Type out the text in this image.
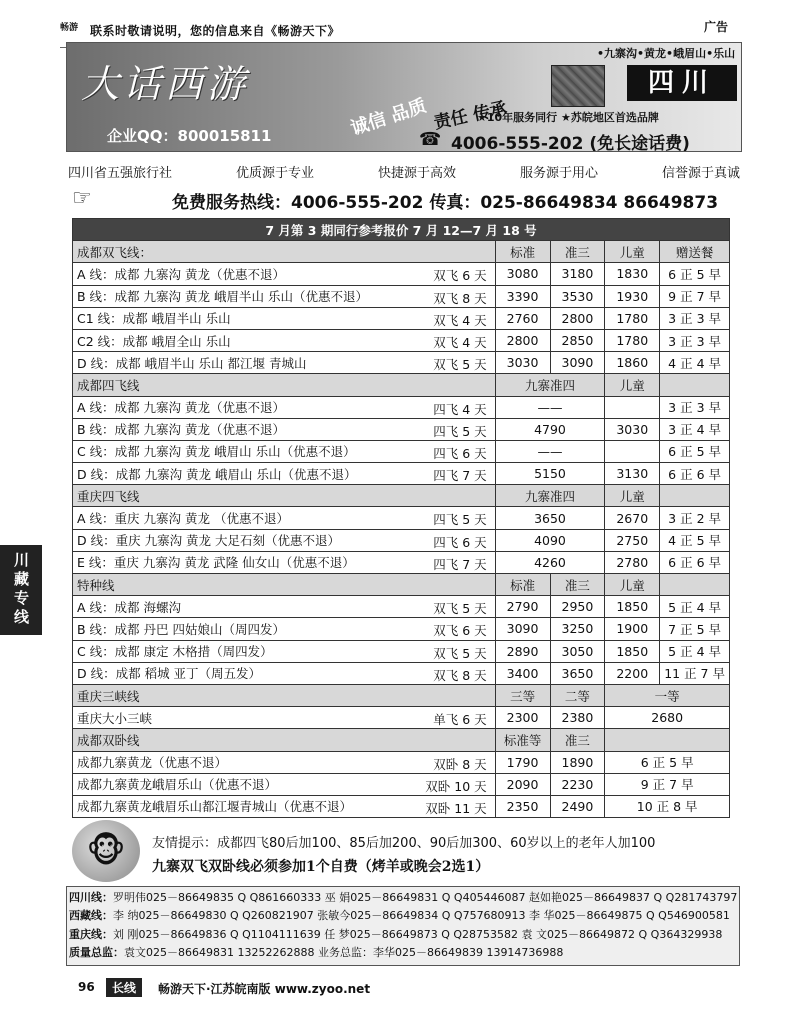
畅游 联系时敬请说明，您的信息来自《畅游天下》	广告
大话西游
企业QQ：800015811	诚信 品质 责任 传承
•九寨沟•黄龙•峨眉山•乐山
四川
★10年服务同行 ★苏皖地区首选品牌
☎ 4006-555-202 (免长途话费)
四川省五强旅行社	优质源于专业	快捷源于高效	服务源于用心	信誉源于真诚
☞	免费服务热线：4006-555-202 传真：025-86649834 86649873
7 月第 3 期同行参考报价 7 月 12—7 月 18 号				
成都双飞线：	标准	准三	儿童	赠送餐
A 线：成都 九寨沟 黄龙（优惠不退） 双飞 6 天	3080	3180	1830	6 正 5 早
B 线：成都 九寨沟 黄龙 峨眉半山 乐山（优惠不退） 双飞 8 天	3390	3530	1930	9 正 7 早
C1 线：成都 峨眉半山 乐山 双飞 4 天	2760	2800	1780	3 正 3 早
C2 线：成都 峨眉全山 乐山 双飞 4 天	2800	2850	1780	3 正 3 早
D 线：成都 峨眉半山 乐山 都江堰 青城山 双飞 5 天	3030	3090	1860	4 正 4 早
成都四飞线	九寨准四		儿童	
A 线：成都 九寨沟 黄龙（优惠不退） 四飞 4 天	——			3 正 3 早
B 线：成都 九寨沟 黄龙（优惠不退） 四飞 5 天	4790		3030	3 正 4 早
C 线：成都 九寨沟 黄龙 峨眉山 乐山（优惠不退） 四飞 6 天	——			6 正 5 早
D 线：成都 九寨沟 黄龙 峨眉山 乐山（优惠不退） 四飞 7 天	5150		3130	6 正 6 早
重庆四飞线	九寨准四		儿童	
A 线：重庆 九寨沟 黄龙 （优惠不退） 四飞 5 天	3650		2670	3 正 2 早
D 线：重庆 九寨沟 黄龙 大足石刻（优惠不退） 四飞 6 天	4090		2750	4 正 5 早
E 线：重庆 九寨沟 黄龙 武隆 仙女山（优惠不退） 四飞 7 天	4260		2780	6 正 6 早
特种线	标准	准三	儿童	
A 线：成都 海螺沟 双飞 5 天	2790	2950	1850	5 正 4 早
B 线：成都 丹巴 四姑娘山（周四发） 双飞 6 天	3090	3250	1900	7 正 5 早
C 线：成都 康定 木格措（周四发） 双飞 5 天	2890	3050	1850	5 正 4 早
D 线：成都 稻城 亚丁（周五发） 双飞 8 天	3400	3650	2200	11 正 7 早
重庆三峡线	三等	二等	一等	
重庆大小三峡 单飞 6 天	2300	2380	2680	
成都双卧线	标准等	准三		
成都九寨黄龙（优惠不退） 双卧 8 天	1790	1890	6 正 5 早	
成都九寨黄龙峨眉乐山（优惠不退） 双卧 10 天	2090	2230	9 正 7 早	
成都九寨黄龙峨眉乐山都江堰青城山（优惠不退） 双卧 11 天	2350	2490	10 正 8 早	
🐵	友情提示：成都四飞80后加100、85后加200、90后加300、60岁以上的老年人加100
九寨双飞双卧线必须参加1个自费（烤羊或晚会2选1）
四川线：罗明伟025－86649835 Q Q861660333 巫 娟025－86649831 Q Q405446087 赵如艳025－86649837 Q Q281743797
西藏线：李 纳025－86649830 Q Q260821907 张敏今025－86649834 Q Q757680913 李 华025－86649875 Q Q546900581
重庆线：刘 刚025－86649836 Q Q1104111639 任 梦025－86649873 Q Q28753582 袁 文025－86649872 Q Q364329938
质量总监：袁文025－86649831 13252262888 业务总监：李华025－86649839 13914736988
96	长线	畅游天下·江苏皖南版 www.zyoo.net
川藏专线
